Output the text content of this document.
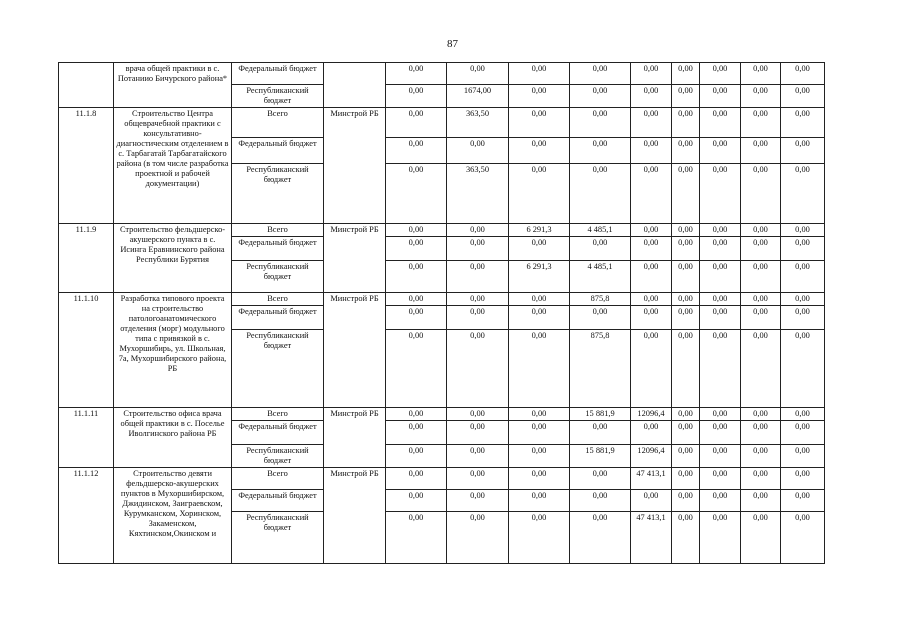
87
	врача общей практики в с. Потаниио Бичурского района*	Федеральный бюджет		0,00	0,00	0,00	0,00	0,00	0,00	0,00	0,00	0,00
		Республиканский бюджет		0,00	1674,00	0,00	0,00	0,00	0,00	0,00	0,00	0,00
11.1.8	Строительство Центра общеврачебной практики с консультативно-диагностическим отделением в с. Тарбагатай Тарбагатайского района (в том числе разработка проектной и рабочей документации)	Всего	Минстрой РБ	0,00	363,50	0,00	0,00	0,00	0,00	0,00	0,00	0,00
		Федеральный бюджет		0,00	0,00	0,00	0,00	0,00	0,00	0,00	0,00	0,00
		Республиканский бюджет		0,00	363,50	0,00	0,00	0,00	0,00	0,00	0,00	0,00
11.1.9	Строительство фельдшерско-акушерского пункта в с. Исинга Еравнинского района Республики Бурятия	Всего	Минстрой РБ	0,00	0,00	6 291,3	4 485,1	0,00	0,00	0,00	0,00	0,00
		Федеральный бюджет		0,00	0,00	0,00	0,00	0,00	0,00	0,00	0,00	0,00
		Республиканский бюджет		0,00	0,00	6 291,3	4 485,1	0,00	0,00	0,00	0,00	0,00
11.1.10	Разработка типового проекта на строительство патологоанатомического отделения (морг) модульного типа с привязкой в с. Мухоршибирь, ул. Школьная, 7а, Мухоршибирского района, РБ	Всего	Минстрой РБ	0,00	0,00	0,00	875,8	0,00	0,00	0,00	0,00	0,00
		Федеральный бюджет		0,00	0,00	0,00	0,00	0,00	0,00	0,00	0,00	0,00
		Республиканский бюджет		0,00	0,00	0,00	875,8	0,00	0,00	0,00	0,00	0,00
11.1.11	Строительство офиса врача общей практики в с. Поселье Иволгинского района РБ	Всего	Минстрой РБ	0,00	0,00	0,00	15 881,9	12096,4	0,00	0,00	0,00	0,00
		Федеральный бюджет		0,00	0,00	0,00	0,00	0,00	0,00	0,00	0,00	0,00
		Республиканский бюджет		0,00	0,00	0,00	15 881,9	12096,4	0,00	0,00	0,00	0,00
11.1.12	Строительство девяти фельдшерско-акушерских пунктов в Мухоршибирском, Джидинском, Заиграевском, Курумканском, Хоринском, Закаменском, Кяхтинском,Окинском и	Всего	Минстрой РБ	0,00	0,00	0,00	0,00	47 413,1	0,00	0,00	0,00	0,00
		Федеральный бюджет		0,00	0,00	0,00	0,00	0,00	0,00	0,00	0,00	0,00
		Республиканский бюджет		0,00	0,00	0,00	0,00	47 413,1	0,00	0,00	0,00	0,00
